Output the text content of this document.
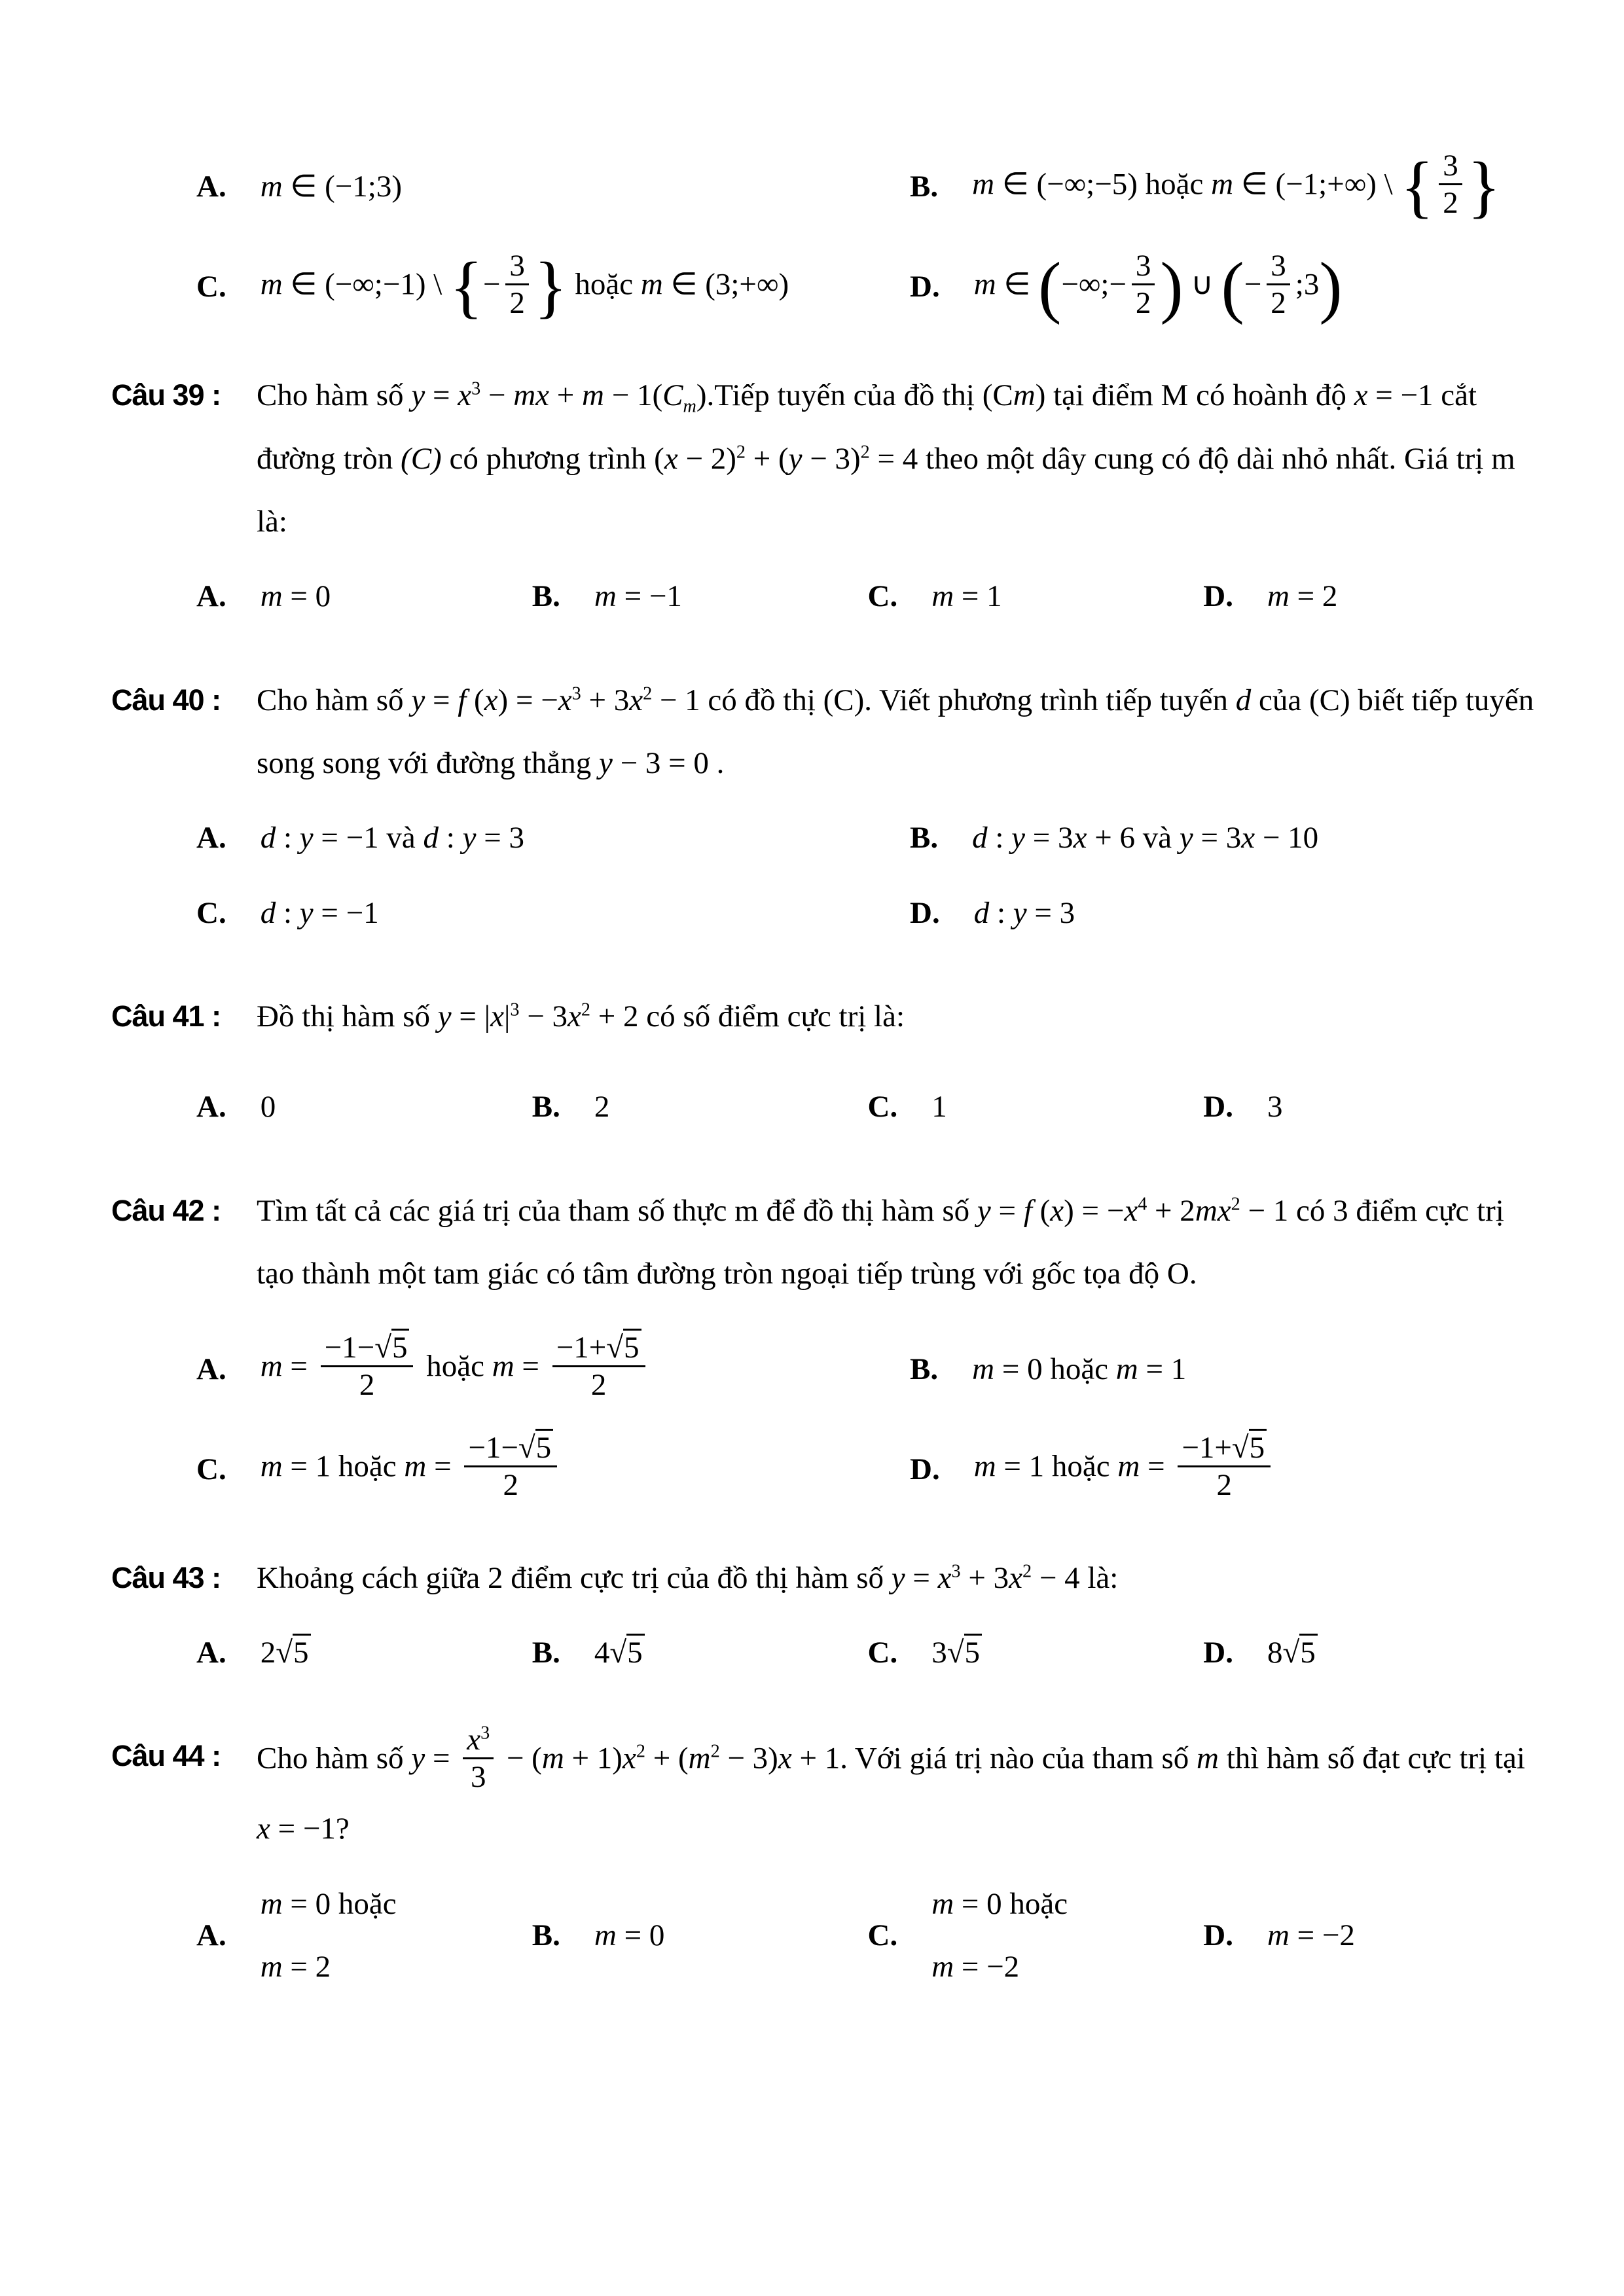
A. m ∈ (−1;3)	B. m ∈ (−∞;−5) hoặc m ∈ (−1;+∞) \ { $\frac{3}{2}$ }
C. m ∈ (−∞;−1) \ {− $\frac{3}{2}$ } hoặc m ∈ (3;+∞)	D. m ∈ (−∞;− $\frac{3}{2}$ ) ∪ (− $\frac{3}{2}$ ;3)
Câu 39 :	Cho hàm số $y = x^3$ − mx + $m - 1(C_m).Tiếp$ tuyến của đồ thị (Cm) tại điểm M có hoành độ x = −1 cắt đường tròn (C) có phương trình $(x - 2)^2 + (y - 3)^2 = 4$ theo một dây cung có độ dài nhỏ nhất. Giá trị m là:
A. m = 0	B. m = −1	C. m = 1	D. m = 2
Câu 40 :	Cho hàm số y = f $(x) = -x^3 + 3x^2 - 1$ có đồ thị (C). Viết phương trình tiếp tuyến d của (C) biết tiếp tuyến song song với đường thẳng y − 3 = 0 .
A. d : y = −1 và d : y = 3	B. d : y = 3x + 6 và y = 3x − 10
C. d : y = −1	D. d : y = 3
Câu 41 :	Đồ thị hàm số $y = |x|^3 - 3x^2 + 2$ có số điểm cực trị là:
A. 0	B. 2	C. 1	D. 3
Câu 42 :	Tìm tất cả các giá trị của tham số thực m để đồ thị hàm số y = f $(x) = -x^4 + 2mx^2 - 1$ có 3 điểm cực trị tạo thành một tam giác có tâm đường tròn ngoại tiếp trùng với gốc tọa độ O.
A. $m = \frac{-1-√5}{2}$ hoặc $m = \frac{-1+√5}{2}$	B. m = 0 hoặc m = 1
C. m = 1 hoặc $m = \frac{-1-√5}{2}$	D. m = 1 hoặc $m = \frac{-1+√5}{2}$
Câu 43 :	Khoảng cách giữa 2 điểm cực trị của đồ thị hàm số $y = x^3 + 3x^2 - 4$ là:
A. 2√5	B. 4√5	C. 3√5	D. 8√5
Câu 44 :	Cho hàm số $y = \frac{x^3}{3} - (m + 1)x^2 + (m^2 - 3)x + 1$. Với giá trị nào của tham số m thì hàm số đạt cực trị tại x = −1?
A.
m = 0 hoặc
m = 2
B. m = 0	C.
m = 0 hoặc
m = −2
D. m = −2
